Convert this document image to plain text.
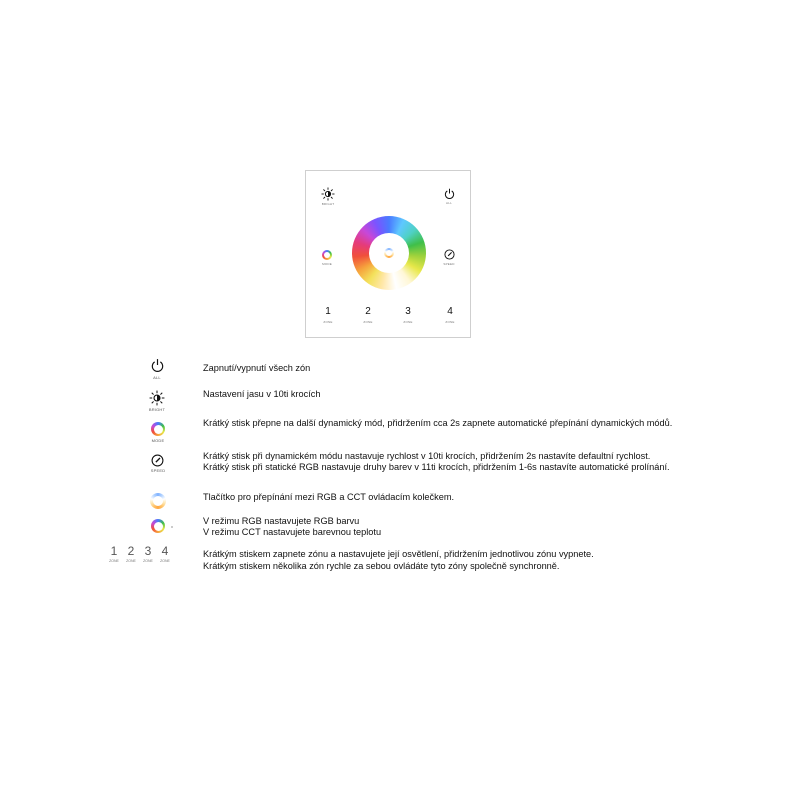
BRIGHT	ALL
MODE	SPEED
1
ZONE
2
ZONE
3
ZONE
4
ZONE
ALL
Zapnutí/vypnutí všech zón
BRIGHT
Nastavení jasu v 10ti krocích
MODE
Krátký stisk přepne na další dynamický mód, přidržením cca 2s zapnete automatické přepínání dynamických módů.
SPEED
Krátký stisk při dynamickém módu nastavuje rychlost v 10ti krocích, přidržením 2s nastavíte defaultní rychlost.
Krátký stisk při statické RGB nastavuje druhy barev v 11ti krocích, přidržením 1-6s nastavíte automatické prolínání.
Tlačítko pro přepínání mezi RGB a CCT ovládacím kolečkem.
V režimu RGB nastavujete RGB barvu
V režimu CCT nastavujete barevnou teplotu
1
ZONE
2
ZONE
3
ZONE
4
ZONE
Krátkým stiskem zapnete zónu a nastavujete její osvětlení, přidržením jednotlivou zónu vypnete.
Krátkým stiskem několika zón rychle za sebou ovládáte tyto zóny společně synchronně.
